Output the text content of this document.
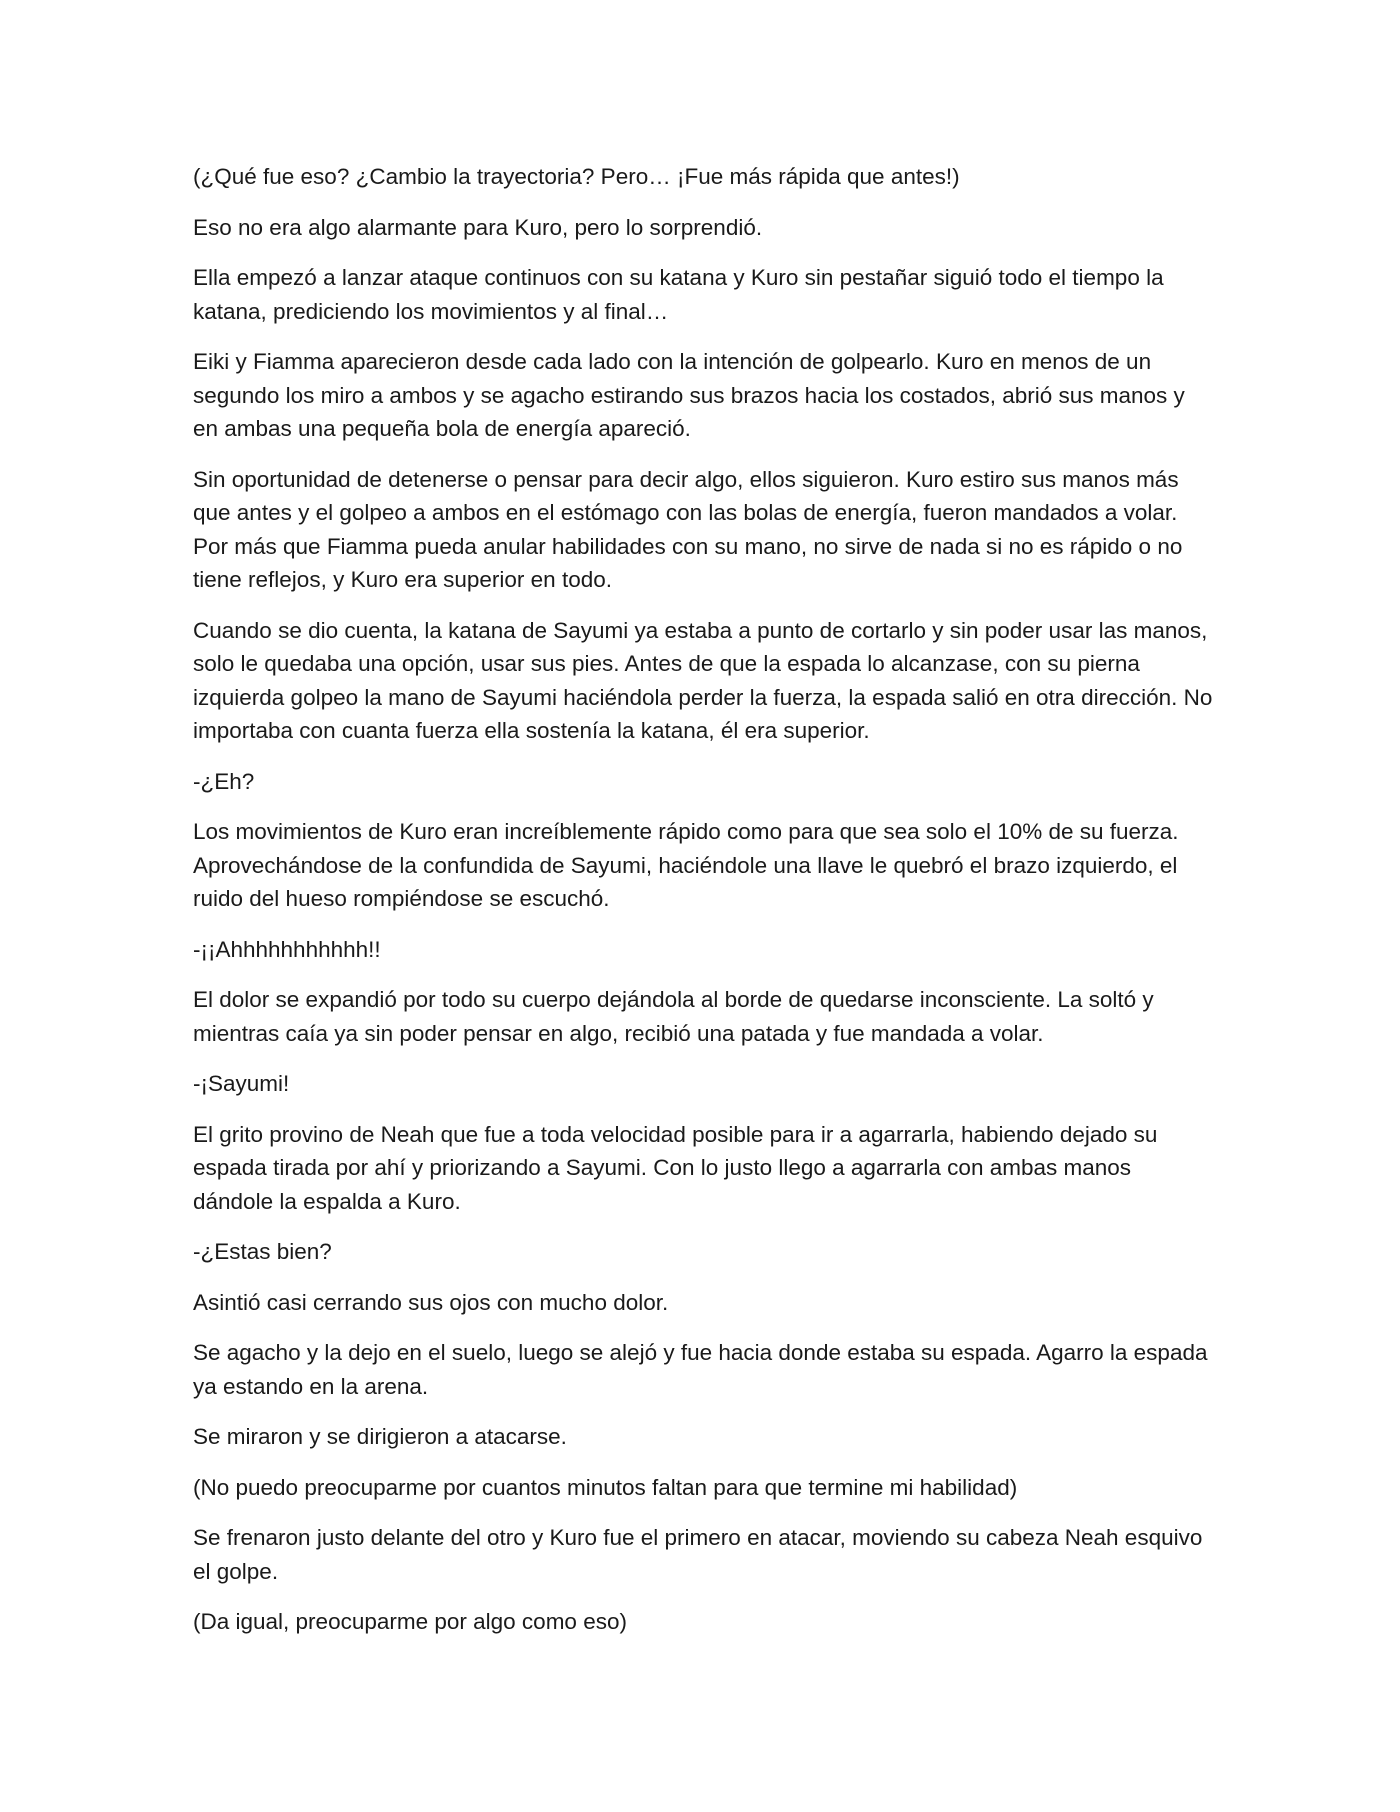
(¿Qué fue eso? ¿Cambio la trayectoria? Pero… ¡Fue más rápida que antes!)

Eso no era algo alarmante para Kuro, pero lo sorprendió.

Ella empezó a lanzar ataque continuos con su katana y Kuro sin pestañar siguió todo el tiempo la katana, prediciendo los movimientos y al final…

Eiki y Fiamma aparecieron desde cada lado con la intención de golpearlo. Kuro en menos de un segundo los miro a ambos y se agacho estirando sus brazos hacia los costados, abrió sus manos y en ambas una pequeña bola de energía apareció.

Sin oportunidad de detenerse o pensar para decir algo, ellos siguieron. Kuro estiro sus manos más que antes y el golpeo a ambos en el estómago con las bolas de energía, fueron mandados a volar. Por más que Fiamma pueda anular habilidades con su mano, no sirve de nada si no es rápido o no tiene reflejos, y Kuro era superior en todo.

Cuando se dio cuenta, la katana de Sayumi ya estaba a punto de cortarlo y sin poder usar las manos, solo le quedaba una opción, usar sus pies. Antes de que la espada lo alcanzase, con su pierna izquierda golpeo la mano de Sayumi haciéndola perder la fuerza, la espada salió en otra dirección. No importaba con cuanta fuerza ella sostenía la katana, él era superior.

-¿Eh?

Los movimientos de Kuro eran increíblemente rápido como para que sea solo el 10% de su fuerza. Aprovechándose de la confundida de Sayumi, haciéndole una llave le quebró el brazo izquierdo, el ruido del hueso rompiéndose se escuchó.

-¡¡Ahhhhhhhhhhh!!

El dolor se expandió por todo su cuerpo dejándola al borde de quedarse inconsciente. La soltó y mientras caía ya sin poder pensar en algo, recibió una patada y fue mandada a volar.

-¡Sayumi!

El grito provino de Neah que fue a toda velocidad posible para ir a agarrarla, habiendo dejado su espada tirada por ahí y priorizando a Sayumi. Con lo justo llego a agarrarla con ambas manos dándole la espalda a Kuro.

-¿Estas bien?

Asintió casi cerrando sus ojos con mucho dolor.

Se agacho y la dejo en el suelo, luego se alejó y fue hacia donde estaba su espada. Agarro la espada ya estando en la arena.

Se miraron y se dirigieron a atacarse.

(No puedo preocuparme por cuantos minutos faltan para que termine mi habilidad)

Se frenaron justo delante del otro y Kuro fue el primero en atacar, moviendo su cabeza Neah esquivo el golpe.

(Da igual, preocuparme por algo como eso)
